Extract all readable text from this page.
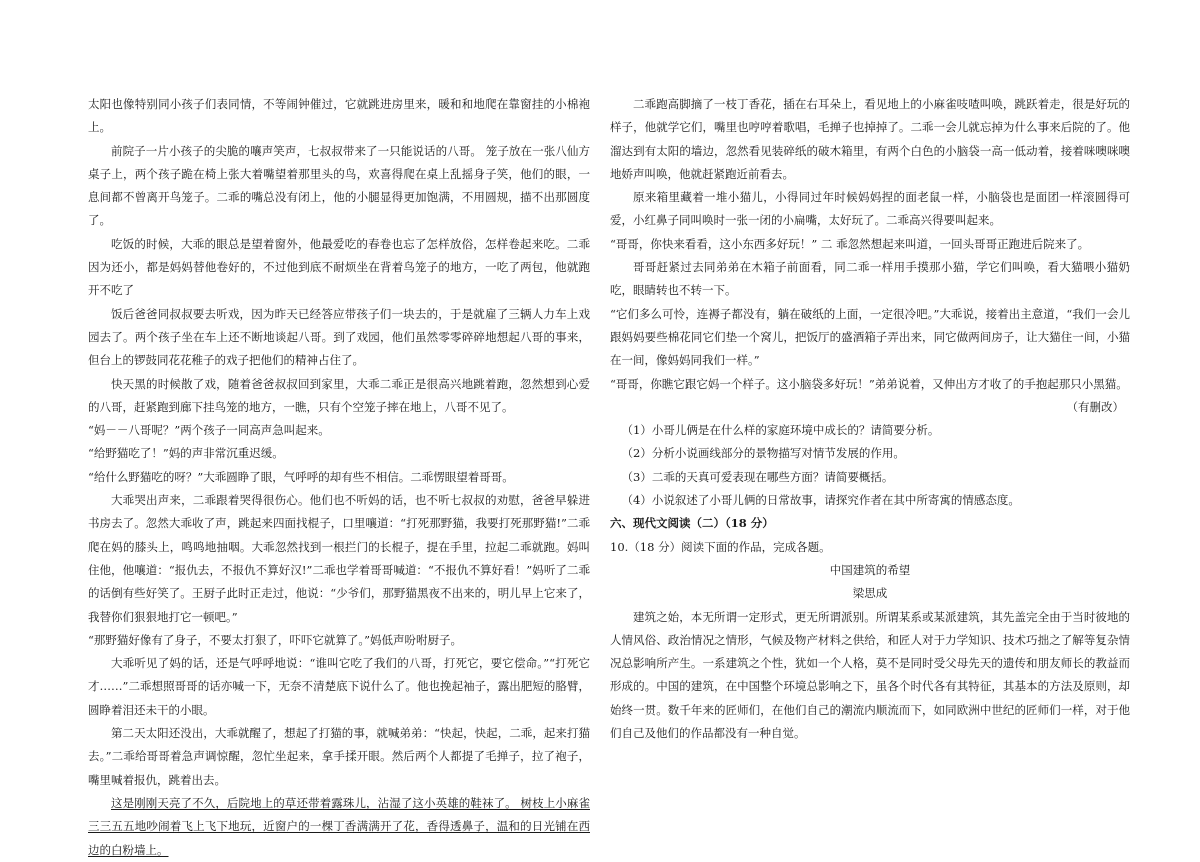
太阳也像特别同小孩子们表同情，不等闹钟催过，它就跳进房里来，暖和和地爬在靠窗挂的小棉袍上。

前院子一片小孩子的尖脆的嚷声笑声，七叔叔带来了一只能说话的八哥。 笼子放在一张八仙方桌子上，两个孩子跪在椅上张大着嘴望着那里头的鸟，欢喜得爬在桌上乱摇身子笑，他们的眼，一息间都不曾离开鸟笼子。二乖的嘴总没有闭上，他的小腿显得更加饱满，不用圆规，描不出那圆度了。

吃饭的时候，大乖的眼总是望着窗外，他最爱吃的春卷也忘了怎样放俗，怎样卷起来吃。二乖因为还小，都是妈妈替他卷好的，不过他到底不耐烦坐在背着鸟笼子的地方，一吃了两包，他就跑开不吃了

饭后爸爸同叔叔要去听戏，因为昨天已经答应带孩子们一块去的，于是就雇了三辆人力车上戏园去了。两个孩子坐在车上还不断地谈起八哥。到了戏园，他们虽然零零碎碎地想起八哥的事来，但台上的锣鼓同花花稚子的戏子把他们的精神占住了。

快天黑的时候散了戏，随着爸爸叔叔回到家里，大乖二乖正是很高兴地跳着跑，忽然想到心爱的八哥，赶紧跑到廊下挂鸟笼的地方，一瞧，只有个空笼子摔在地上，八哥不见了。

“妈－－八哥呢？”两个孩子一同高声急叫起来。

“给野猫吃了！”妈的声非常沉重迟缓。

“给什么野猫吃的呀？”大乖圆睁了眼，气呼呼的却有些不相信。二乖愣眼望着哥哥。

大乖哭出声来，二乖跟着哭得很伤心。他们也不听妈的话，也不听七叔叔的劝慰，爸爸早躲进书房去了。忽然大乖收了声，跳起来四面找棍子，口里嚷道：“打死那野猫，我要打死那野猫!”二乖爬在妈的膝头上，鸣鸣地抽咽。大乖忽然找到一根拦门的长棍子，提在手里，拉起二乖就跑。妈叫住他，他嚷道：“报仇去，不报仇不算好汉!”二乖也学着哥哥喊道：“不报仇不算好看！”妈听了二乖的话倒有些好笑了。王厨子此时正走过，他说：“少爷们，那野猫黑夜不出来的，明儿早上它来了，我替你们狠狠地打它一顿吧。”

“那野猫好像有了身子，不要太打狠了，吓吓它就算了。”妈低声吩咐厨子。

大乖听见了妈的话，还是气呼呼地说：“谁叫它吃了我们的八哥，打死它，要它偿命。”“打死它才……”二乖想照哥哥的话亦喊一下，无奈不清楚底下说什么了。他也挽起袖子，露出肥短的胳臂，圆睁着泪还未干的小眼。

第二天太阳还没出，大乖就醒了，想起了打猫的事，就喊弟弟：“快起，快起，二乖，起来打猫去。”二乖给哥哥着急声调惊醒，忽忙坐起来，拿手揉开眼。然后两个人都提了毛掸子，拉了袍子，嘴里喊着报仇，跳着出去。

这是刚刚天亮了不久，后院地上的草还带着露珠儿，沾湿了这小英雄的鞋袜了。 树枝上小麻雀三三五五地吵闹着飞上飞下地玩，近窗户的一棵丁香满满开了花，香得透鼻子，温和的日光铺在西边的白粉墙上。

二乖跑高脚摘了一枝丁香花，插在右耳朵上，看见地上的小麻雀吱喳叫唤，跳跃着走，很是好玩的样子，他就学它们，嘴里也哼哼着歌唱，毛掸子也掉掉了。二乖一会儿就忘掉为什么事来后院的了。他溜达到有太阳的墙边，忽然看见装碎纸的破木箱里，有两个白色的小脑袋一高一低动着，接着咪噢咪噢地娇声叫唤，他就赶紧跑近前看去。

原来箱里藏着一堆小猫儿，小得同过年时候妈妈捏的面老鼠一样，小脑袋也是面团一样滚圆得可爱，小红鼻子同叫唤时一张一闭的小扁嘴，太好玩了。二乖高兴得要叫起来。

“哥哥，你快来看看，这小东西多好玩！” 二 乖忽然想起来叫道，一回头哥哥正跑进后院来了。

哥哥赶紧过去同弟弟在木箱子前面看，同二乖一样用手摸那小猫，学它们叫唤，看大猫喂小猫奶吃，眼睛转也不转一下。

“它们多么可怜，连褥子都没有，躺在破纸的上面，一定很冷吧。”大乖说，接着出主意道，“我们一会儿跟妈妈要些棉花同它们垫一个窝儿，把饭厅的盛酒箱子弄出来，同它做两间房子，让大猫住一间，小猫在一间，像妈妈同我们一样。”

“哥哥，你瞧它跟它妈一个样子。这小脑袋多好玩！”弟弟说着，又伸出方才收了的手抱起那只小黑猫。

（有删改）

（1）小哥儿俩是在什么样的家庭环境中成长的？请简要分析。

（2）分析小说画线部分的景物描写对情节发展的作用。

（3）二乖的天真可爱表现在哪些方面？请简要概括。

（4）小说叙述了小哥儿俩的日常故事，请探究作者在其中所寄寓的情感态度。

六、现代文阅读（二）（18 分）

10.（18 分）阅读下面的作品，完成各题。

中国建筑的希望

梁思成

建筑之始，本无所谓一定形式，更无所谓派别。所谓某系或某派建筑，其先盖完全由于当时彼地的人情风俗、政治情况之情形，气候及物产材料之供给，和匠人对于力学知识、技术巧拙之了解等复杂情况总影响所产生。一系建筑之个性，犹如一个人格，莫不是同时受父母先天的遗传和朋友师长的教益而形成的。中国的建筑，在中国整个环境总影响之下，虽各个时代各有其特征，其基本的方法及原则，却始终一贯。数千年来的匠师们，在他们自己的潮流内顺流而下，如同欧洲中世纪的匠师们一样，对于他们自己及他们的作品都没有一种自觉。
